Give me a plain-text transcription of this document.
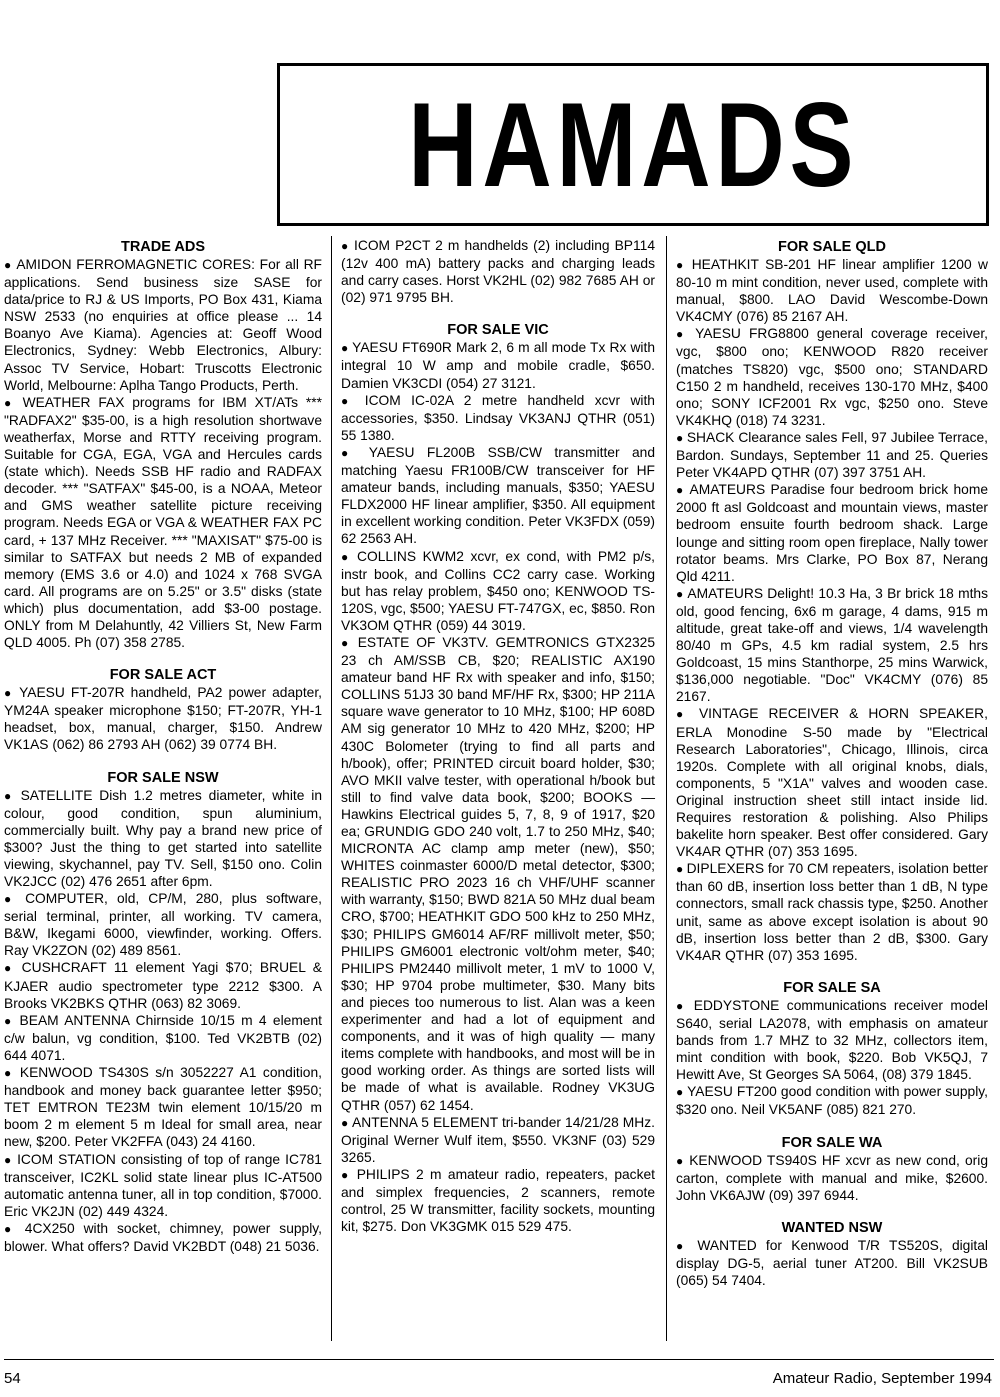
HAMADS
TRADE ADS
● AMIDON FERROMAGNETIC CORES: For all RF applications. Send business size SASE for data/price to RJ & US Imports, PO Box 431, Kiama NSW 2533 (no enquiries at office please ... 14 Boanyo Ave Kiama). Agencies at: Geoff Wood Electronics, Sydney: Webb Electronics, Albury: Assoc TV Service, Hobart: Truscotts Electronic World, Melbourne: Aplha Tango Products, Perth.
● WEATHER FAX programs for IBM XT/ATs *** "RADFAX2" $35-00, is a high resolution shortwave weatherfax, Morse and RTTY receiving program. Suitable for CGA, EGA, VGA and Hercules cards (state which). Needs SSB HF radio and RADFAX decoder. *** "SATFAX" $45-00, is a NOAA, Meteor and GMS weather satellite picture receiving program. Needs EGA or VGA & WEATHER FAX PC card, + 137 MHz Receiver. *** "MAXISAT" $75-00 is similar to SATFAX but needs 2 MB of expanded memory (EMS 3.6 or 4.0) and 1024 x 768 SVGA card. All programs are on 5.25" or 3.5" disks (state which) plus documentation, add $3-00 postage. ONLY from M Delahuntly, 42 Villiers St, New Farm QLD 4005. Ph (07) 358 2785.
FOR SALE ACT
● YAESU FT-207R handheld, PA2 power adapter, YM24A speaker microphone $150; FT-207R, YH-1 headset, box, manual, charger, $150. Andrew VK1AS (062) 86 2793 AH (062) 39 0774 BH.
FOR SALE NSW
● SATELLITE Dish 1.2 metres diameter, white in colour, good condition, spun aluminium, commercially built. Why pay a brand new price of $300? Just the thing to get started into satellite viewing, skychannel, pay TV. Sell, $150 ono. Colin VK2JCC (02) 476 2651 after 6pm.
● COMPUTER, old, CP/M, 280, plus software, serial terminal, printer, all working. TV camera, B&W, Ikegami 6000, viewfinder, working. Offers. Ray VK2ZON (02) 489 8561.
● CUSHCRAFT 11 element Yagi $70; BRUEL & KJAER audio spectrometer type 2212 $300. A Brooks VK2BKS QTHR (063) 82 3069.
● BEAM ANTENNA Chirnside 10/15 m 4 element c/w balun, vg condition, $100. Ted VK2BTB (02) 644 4071.
● KENWOOD TS430S s/n 3052227 A1 condition, handbook and money back guarantee letter $950; TET EMTRON TE23M twin element 10/15/20 m boom 2 m element 5 m Ideal for small area, near new, $200. Peter VK2FFA (043) 24 4160.
● ICOM STATION consisting of top of range IC781 transceiver, IC2KL solid state linear plus IC-AT500 automatic antenna tuner, all in top condition, $7000. Eric VK2JN (02) 449 4324.
● 4CX250 with socket, chimney, power supply, blower. What offers? David VK2BDT (048) 21 5036.
● ICOM P2CT 2 m handhelds (2) including BP114 (12v 400 mA) battery packs and charging leads and carry cases. Horst VK2HL (02) 982 7685 AH or (02) 971 9795 BH.
FOR SALE VIC
● YAESU FT690R Mark 2, 6 m all mode Tx Rx with integral 10 W amp and mobile cradle, $650. Damien VK3CDI (054) 27 3121.
● ICOM IC-02A 2 metre handheld xcvr with accessories, $350. Lindsay VK3ANJ QTHR (051) 55 1380.
● YAESU FL200B SSB/CW transmitter and matching Yaesu FR100B/CW transceiver for HF amateur bands, including manuals, $350; YAESU FLDX2000 HF linear amplifier, $350. All equipment in excellent working condition. Peter VK3FDX (059) 62 2563 AH.
● COLLINS KWM2 xcvr, ex cond, with PM2 p/s, instr book, and Collins CC2 carry case. Working but has relay problem, $450 ono; KENWOOD TS-120S, vgc, $500; YAESU FT-747GX, ec, $850. Ron VK3OM QTHR (059) 44 3019.
● ESTATE OF VK3TV. GEMTRONICS GTX2325 23 ch AM/SSB CB, $20; REALISTIC AX190 amateur band HF Rx with speaker and info, $150; COLLINS 51J3 30 band MF/HF Rx, $300; HP 211A square wave generator to 10 MHz, $100; HP 608D AM sig generator 10 MHz to 420 MHz, $200; HP 430C Bolometer (trying to find all parts and h/book), offer; PRINTED circuit board holder, $30; AVO MKII valve tester, with operational h/book but still to find valve data book, $200; BOOKS — Hawkins Electrical guides 5, 7, 8, 9 of 1917, $20 ea; GRUNDIG GDO 240 volt, 1.7 to 250 MHz, $40; MICRONTA AC clamp amp meter (new), $50; WHITES coinmaster 6000/D metal detector, $300; REALISTIC PRO 2023 16 ch VHF/UHF scanner with warranty, $150; BWD 821A 50 MHz dual beam CRO, $700; HEATHKIT GDO 500 kHz to 250 MHz, $30; PHILIPS GM6014 AF/RF millivolt meter, $50; PHILIPS GM6001 electronic volt/ohm meter, $40; PHILIPS PM2440 millivolt meter, 1 mV to 1000 V, $30; HP 9704 probe multimeter, $30. Many bits and pieces too numerous to list. Alan was a keen experimenter and had a lot of equipment and components, and it was of high quality — many items complete with handbooks, and most will be in good working order. As things are sorted lists will be made of what is available. Rodney VK3UG QTHR (057) 62 1454.
● ANTENNA 5 ELEMENT tri-bander 14/21/28 MHz. Original Werner Wulf item, $550. VK3NF (03) 529 3265.
● PHILIPS 2 m amateur radio, repeaters, packet and simplex frequencies, 2 scanners, remote control, 25 W transmitter, facility sockets, mounting kit, $275. Don VK3GMK 015 529 475.
FOR SALE QLD
● HEATHKIT SB-201 HF linear amplifier 1200 w 80-10 m mint condition, never used, complete with manual, $800. LAO David Wescombe-Down VK4CMY (076) 85 2167 AH.
● YAESU FRG8800 general coverage receiver, vgc, $800 ono; KENWOOD R820 receiver (matches TS820) vgc, $500 ono; STANDARD C150 2 m handheld, receives 130-170 MHz, $400 ono; SONY ICF2001 Rx vgc, $250 ono. Steve VK4KHQ (018) 74 3231.
● SHACK Clearance sales Fell, 97 Jubilee Terrace, Bardon. Sundays, September 11 and 25. Queries Peter VK4APD QTHR (07) 397 3751 AH.
● AMATEURS Paradise four bedroom brick home 2000 ft asl Goldcoast and mountain views, master bedroom ensuite fourth bedroom shack. Large lounge and sitting room open fireplace, Nally tower rotator beams. Mrs Clarke, PO Box 87, Nerang Qld 4211.
● AMATEURS Delight! 10.3 Ha, 3 Br brick 18 mths old, good fencing, 6x6 m garage, 4 dams, 915 m altitude, great take-off and views, 1/4 wavelength 80/40 m GPs, 4.5 km radial system, 2.5 hrs Goldcoast, 15 mins Stanthorpe, 25 mins Warwick, $136,000 negotiable. "Doc" VK4CMY (076) 85 2167.
● VINTAGE RECEIVER & HORN SPEAKER, ERLA Monodine S-50 made by "Electrical Research Laboratories", Chicago, Illinois, circa 1920s. Complete with all original knobs, dials, components, 5 "X1A" valves and wooden case. Original instruction sheet still intact inside lid. Requires restoration & polishing. Also Philips bakelite horn speaker. Best offer considered. Gary VK4AR QTHR (07) 353 1695.
● DIPLEXERS for 70 CM repeaters, isolation better than 60 dB, insertion loss better than 1 dB, N type connectors, small rack chassis type, $250. Another unit, same as above except isolation is about 90 dB, insertion loss better than 2 dB, $300. Gary VK4AR QTHR (07) 353 1695.
FOR SALE SA
● EDDYSTONE communications receiver model S640, serial LA2078, with emphasis on amateur bands from 1.7 MHZ to 32 MHz, collectors item, mint condition with book, $220. Bob VK5QJ, 7 Hewitt Ave, St Georges SA 5064, (08) 379 1845.
● YAESU FT200 good condition with power supply, $320 ono. Neil VK5ANF (085) 821 270.
FOR SALE WA
● KENWOOD TS940S HF xcvr as new cond, orig carton, complete with manual and mike, $2600. John VK6AJW (09) 397 6944.
WANTED NSW
● WANTED for Kenwood T/R TS520S, digital display DG-5, aerial tuner AT200. Bill VK2SUB (065) 54 7404.
54	Amateur Radio, September 1994
